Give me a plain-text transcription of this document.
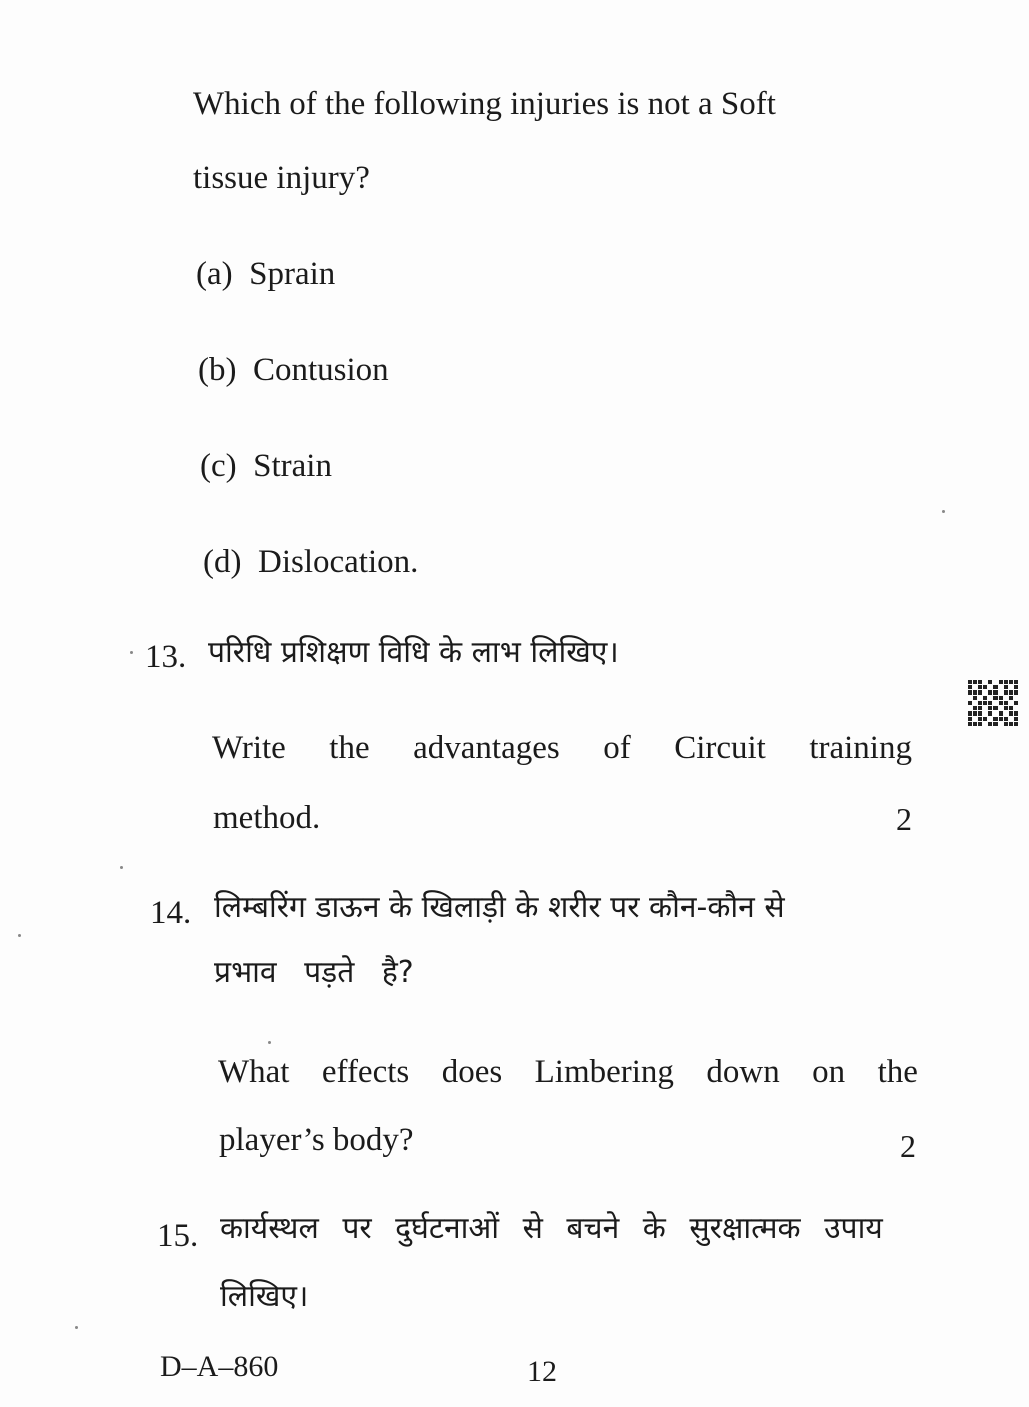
Which of the following injuries is not a Soft
tissue injury?
(a) Sprain
(b) Contusion
(c) Strain
(d) Dislocation.
13. परिधि प्रशिक्षण विधि के लाभ लिखिए।
Write the advantages of Circuit training
method.	2
14. लिम्बरिंग डाऊन के खिलाड़ी के शरीर पर कौन-कौन से
प्रभाव पड़ते है?
What effects does Limbering down on the
player’s body?	2
15. कार्यस्थल पर दुर्घटनाओं से बचने के सुरक्षात्मक उपाय
लिखिए।
D–A–860	12
